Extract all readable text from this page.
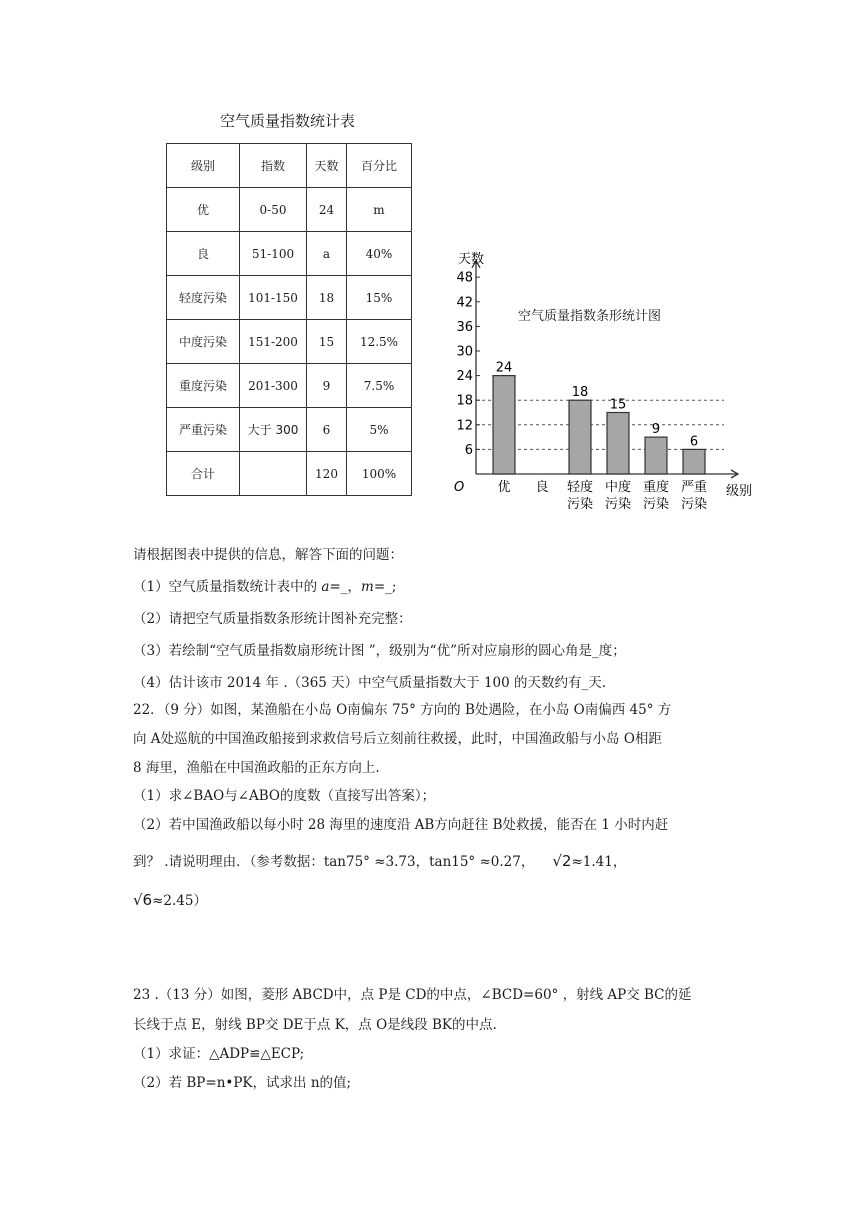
空气质量指数统计表
级别	指数	天数	百分比
优	0-50	24	m
良	51-100	a	40%
轻度污染	101-150	18	15%
中度污染	151-200	15	12.5%
重度污染	201-300	9	7.5%
严重污染	大于 300	6	5%
合计		120	100%
空气质量指数条形统计图
天数
O	级别
6
12
18
24
30
36
42
48
24
优 良
18
轻度
污染
15
中度
污染
9
重度
污染
6
严重
污染
请根据图表中提供的信息，解答下面的问题：
（1）空气质量指数统计表中的 a=_，m=_;
（2）请把空气质量指数条形统计图补充完整：
（3）若绘制“空气质量指数扇形统计图 ”，级别为“优”所对应扇形的圆心角是_度；
（4）估计该市 2014 年 .（365 天）中空气质量指数大于 100 的天数约有_天.
22．（9 分）如图，某渔船在小岛 O南偏东 75° 方向的 B处遇险，在小岛 O南偏西 45° 方
向 A处巡航的中国渔政船接到求救信号后立刻前往救援，此时，中国渔政船与小岛 O相距
8 海里，渔船在中国渔政船的正东方向上.
（1）求∠BAO与∠ABO的度数（直接写出答案）；
（2）若中国渔政船以每小时 28 海里的速度沿 AB方向赶往 B处救援，能否在 1 小时内赶
到？ .请说明理由．（参考数据：tan75° ≈3.73，tan15° ≈0.27， √2≈1.41，
√6≈2.45）
23 .（13 分）如图，菱形 ABCD中，点 P是 CD的中点，∠BCD=60° ，射线 AP交 BC的延
长线于点 E，射线 BP交 DE于点 K，点 O是线段 BK的中点.
（1）求证：△ADP≌△ECP;
（2）若 BP=n•PK，试求出 n的值;
